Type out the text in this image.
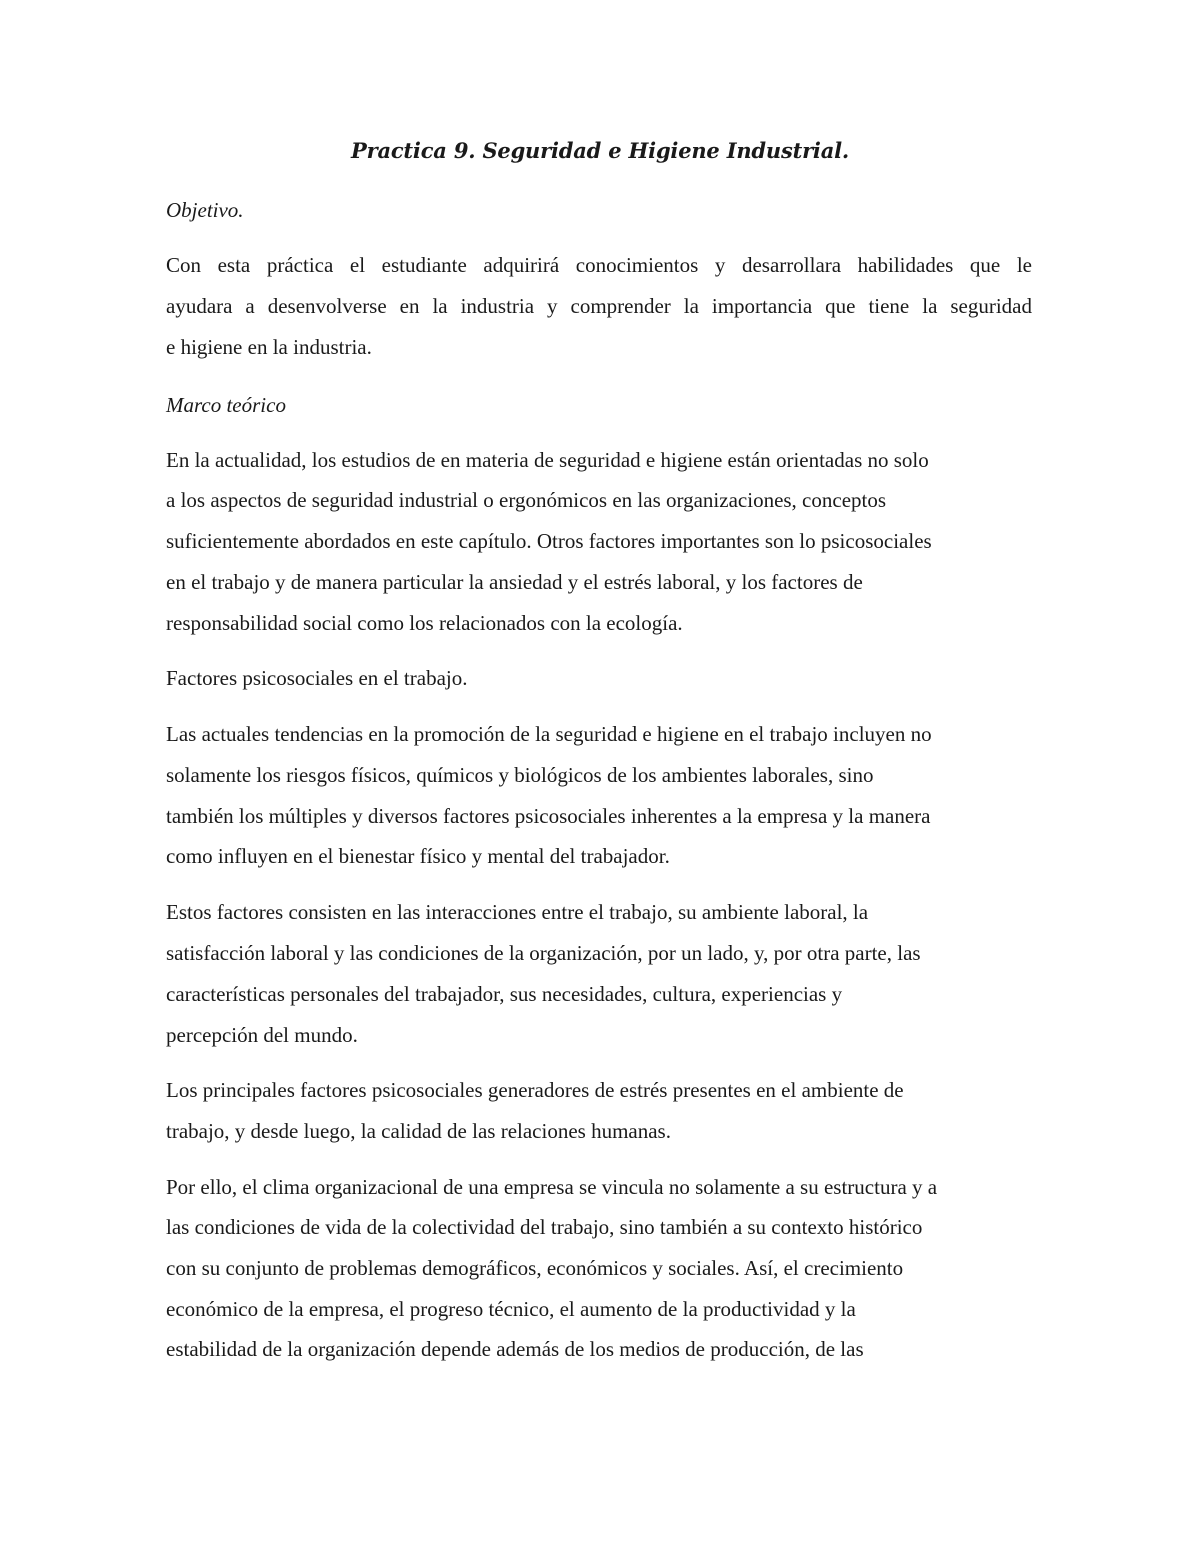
Practica 9. Seguridad e Higiene Industrial.
Objetivo.
Con esta práctica el estudiante adquirirá conocimientos y desarrollara habilidades que le
ayudara a desenvolverse en la industria y comprender la importancia que tiene la seguridad
e higiene en la industria.
Marco teórico
En la actualidad, los estudios de en materia de seguridad e higiene están orientadas no solo
a los aspectos de seguridad industrial o ergonómicos en las organizaciones, conceptos
suficientemente abordados en este capítulo. Otros factores importantes son lo psicosociales
en el trabajo y de manera particular la ansiedad y el estrés laboral, y los factores de
responsabilidad social como los relacionados con la ecología.
Factores psicosociales en el trabajo.
Las actuales tendencias en la promoción de la seguridad e higiene en el trabajo incluyen no
solamente los riesgos físicos, químicos y biológicos de los ambientes laborales, sino
también los múltiples y diversos factores psicosociales inherentes a la empresa y la manera
como influyen en el bienestar físico y mental del trabajador.
Estos factores consisten en las interacciones entre el trabajo, su ambiente laboral, la
satisfacción laboral y las condiciones de la organización, por un lado, y, por otra parte, las
características personales del trabajador, sus necesidades, cultura, experiencias y
percepción del mundo.
Los principales factores psicosociales generadores de estrés presentes en el ambiente de
trabajo, y desde luego, la calidad de las relaciones humanas.
Por ello, el clima organizacional de una empresa se vincula no solamente a su estructura y a
las condiciones de vida de la colectividad del trabajo, sino también a su contexto histórico
con su conjunto de problemas demográficos, económicos y sociales. Así, el crecimiento
económico de la empresa, el progreso técnico, el aumento de la productividad y la
estabilidad de la organización depende además de los medios de producción, de las
